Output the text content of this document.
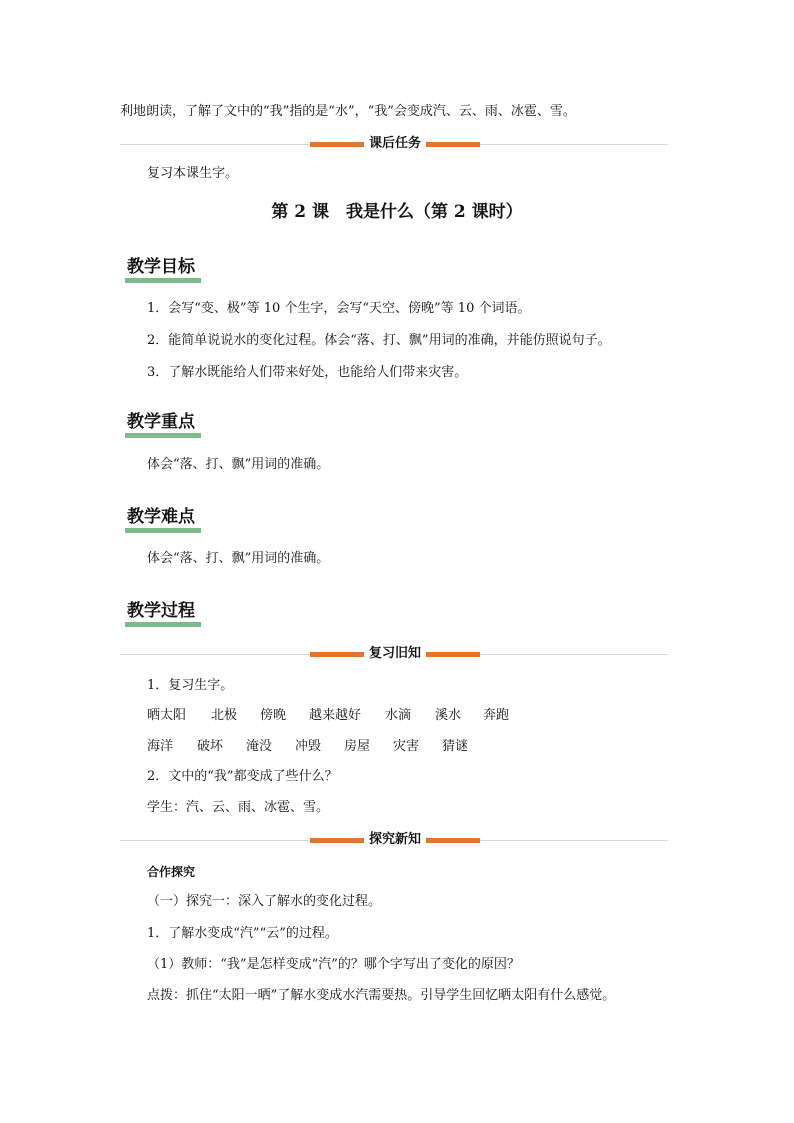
利地朗读，了解了文中的“我”指的是“水”，“我”会变成汽、云、雨、冰雹、雪。
课后任务
复习本课生字。
第 2 课　我是什么（第 2 课时）
教学目标
1．会写“变、极”等 10 个生字，会写“天空、傍晚”等 10 个词语。
2．能简单说说水的变化过程。体会“落、打、飘”用词的准确，并能仿照说句子。
3．了解水既能给人们带来好处，也能给人们带来灾害。
教学重点
体会“落、打、飘”用词的准确。
教学难点
体会“落、打、飘”用词的准确。
教学过程
复习旧知
1．复习生字。
晒太阳 北极 傍晚 越来越好 水滴 溪水 奔跑
海洋 破坏 淹没 冲毁 房屋 灾害 猜谜
2．文中的“我”都变成了些什么？
学生：汽、云、雨、冰雹、雪。
探究新知
合作探究
（一）探究一：深入了解水的变化过程。
1．了解水变成“汽”“云”的过程。
（1）教师：“我”是怎样变成“汽”的？哪个字写出了变化的原因？
点拨：抓住“太阳一晒”了解水变成水汽需要热。引导学生回忆晒太阳有什么感觉。
